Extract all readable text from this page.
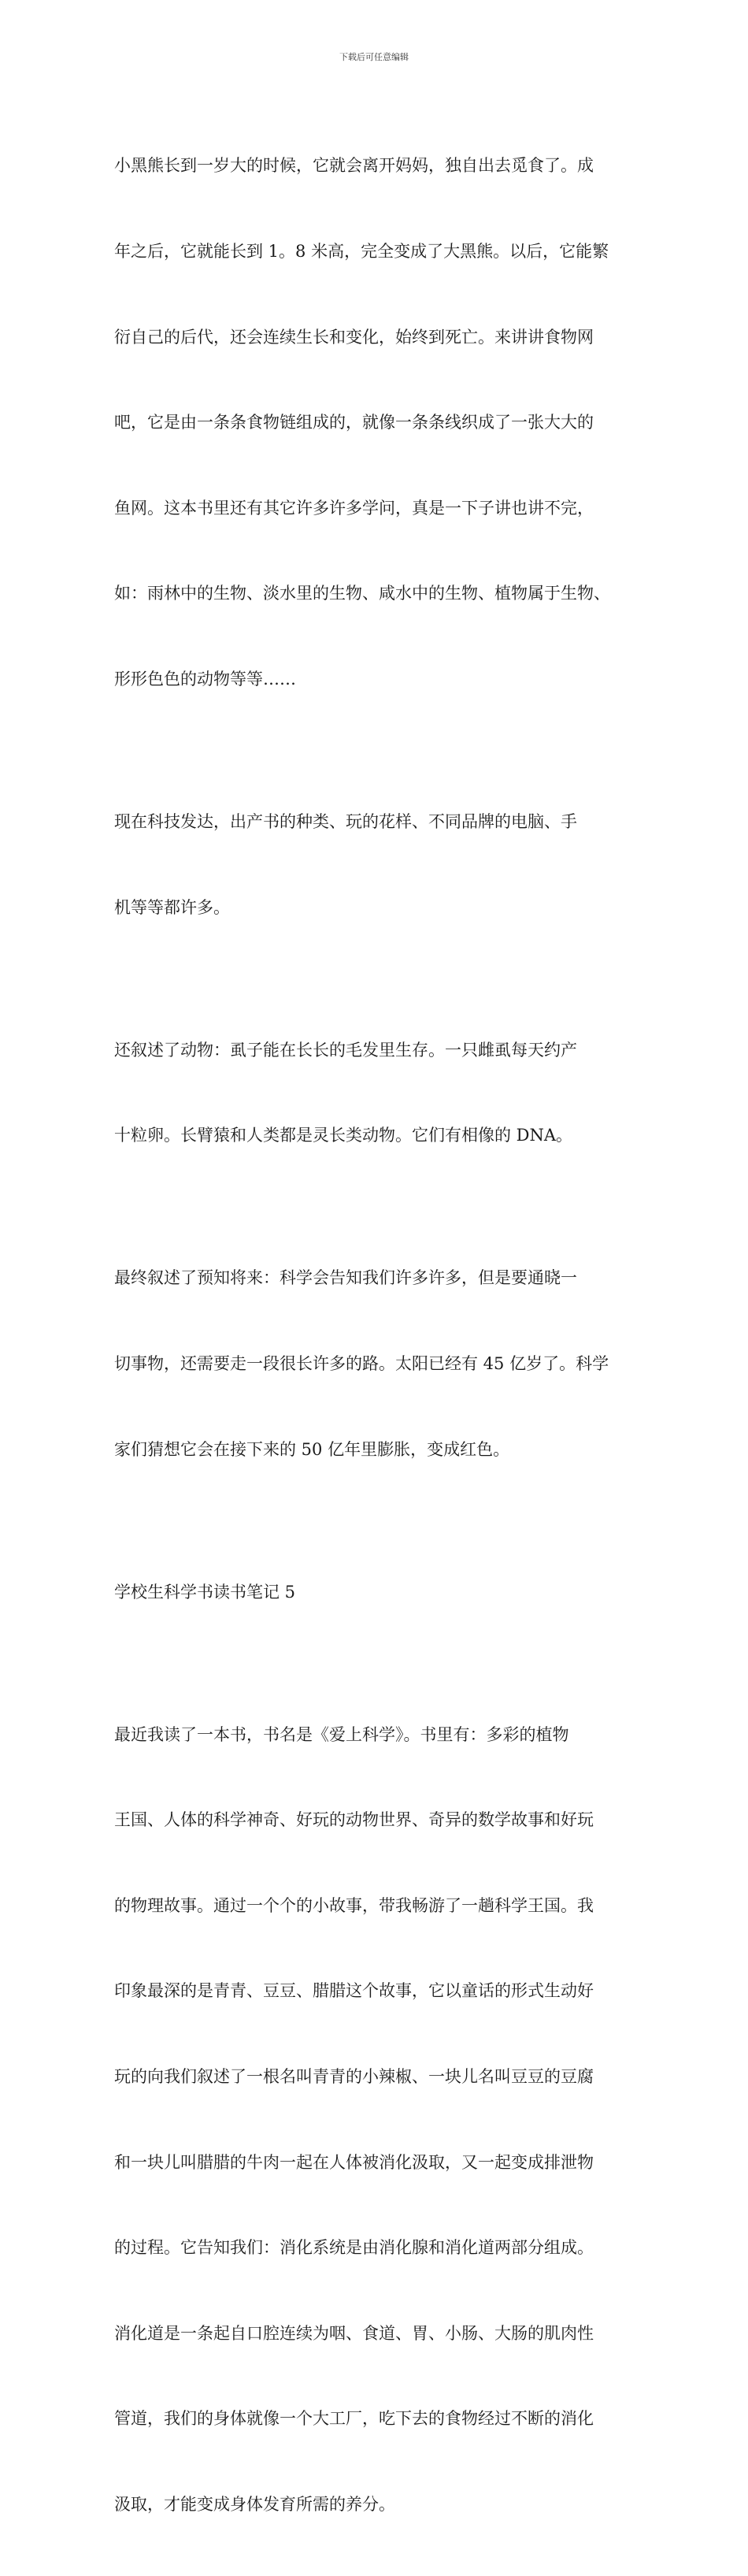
下载后可任意编辑

小黑熊长到一岁大的时候，它就会离开妈妈，独自出去觅食了。成

年之后，它就能长到 1。8 米高，完全变成了大黑熊。以后，它能繁

衍自己的后代，还会连续生长和变化，始终到死亡。来讲讲食物网

吧，它是由一条条食物链组成的，就像一条条线织成了一张大大的

鱼网。这本书里还有其它许多许多学问，真是一下子讲也讲不完，

如：雨林中的生物、淡水里的生物、咸水中的生物、植物属于生物、

形形色色的动物等等……

现在科技发达，出产书的种类、玩的花样、不同品牌的电脑、手

机等等都许多。

还叙述了动物：虱子能在长长的毛发里生存。一只雌虱每天约产

十粒卵。长臂猿和人类都是灵长类动物。它们有相像的 DNA。

最终叙述了预知将来：科学会告知我们许多许多，但是要通晓一

切事物，还需要走一段很长许多的路。太阳已经有 45 亿岁了。科学

家们猜想它会在接下来的 50 亿年里膨胀，变成红色。

学校生科学书读书笔记 5

最近我读了一本书，书名是《爱上科学》。书里有：多彩的植物

王国、人体的科学神奇、好玩的动物世界、奇异的数学故事和好玩

的物理故事。通过一个个的小故事，带我畅游了一趟科学王国。我

印象最深的是青青、豆豆、腊腊这个故事，它以童话的形式生动好

玩的向我们叙述了一根名叫青青的小辣椒、一块儿名叫豆豆的豆腐

和一块儿叫腊腊的牛肉一起在人体被消化汲取，又一起变成排泄物

的过程。它告知我们：消化系统是由消化腺和消化道两部分组成。

消化道是一条起自口腔连续为咽、食道、胃、小肠、大肠的肌肉性

管道，我们的身体就像一个大工厂，吃下去的食物经过不断的消化

汲取，才能变成身体发育所需的养分。
